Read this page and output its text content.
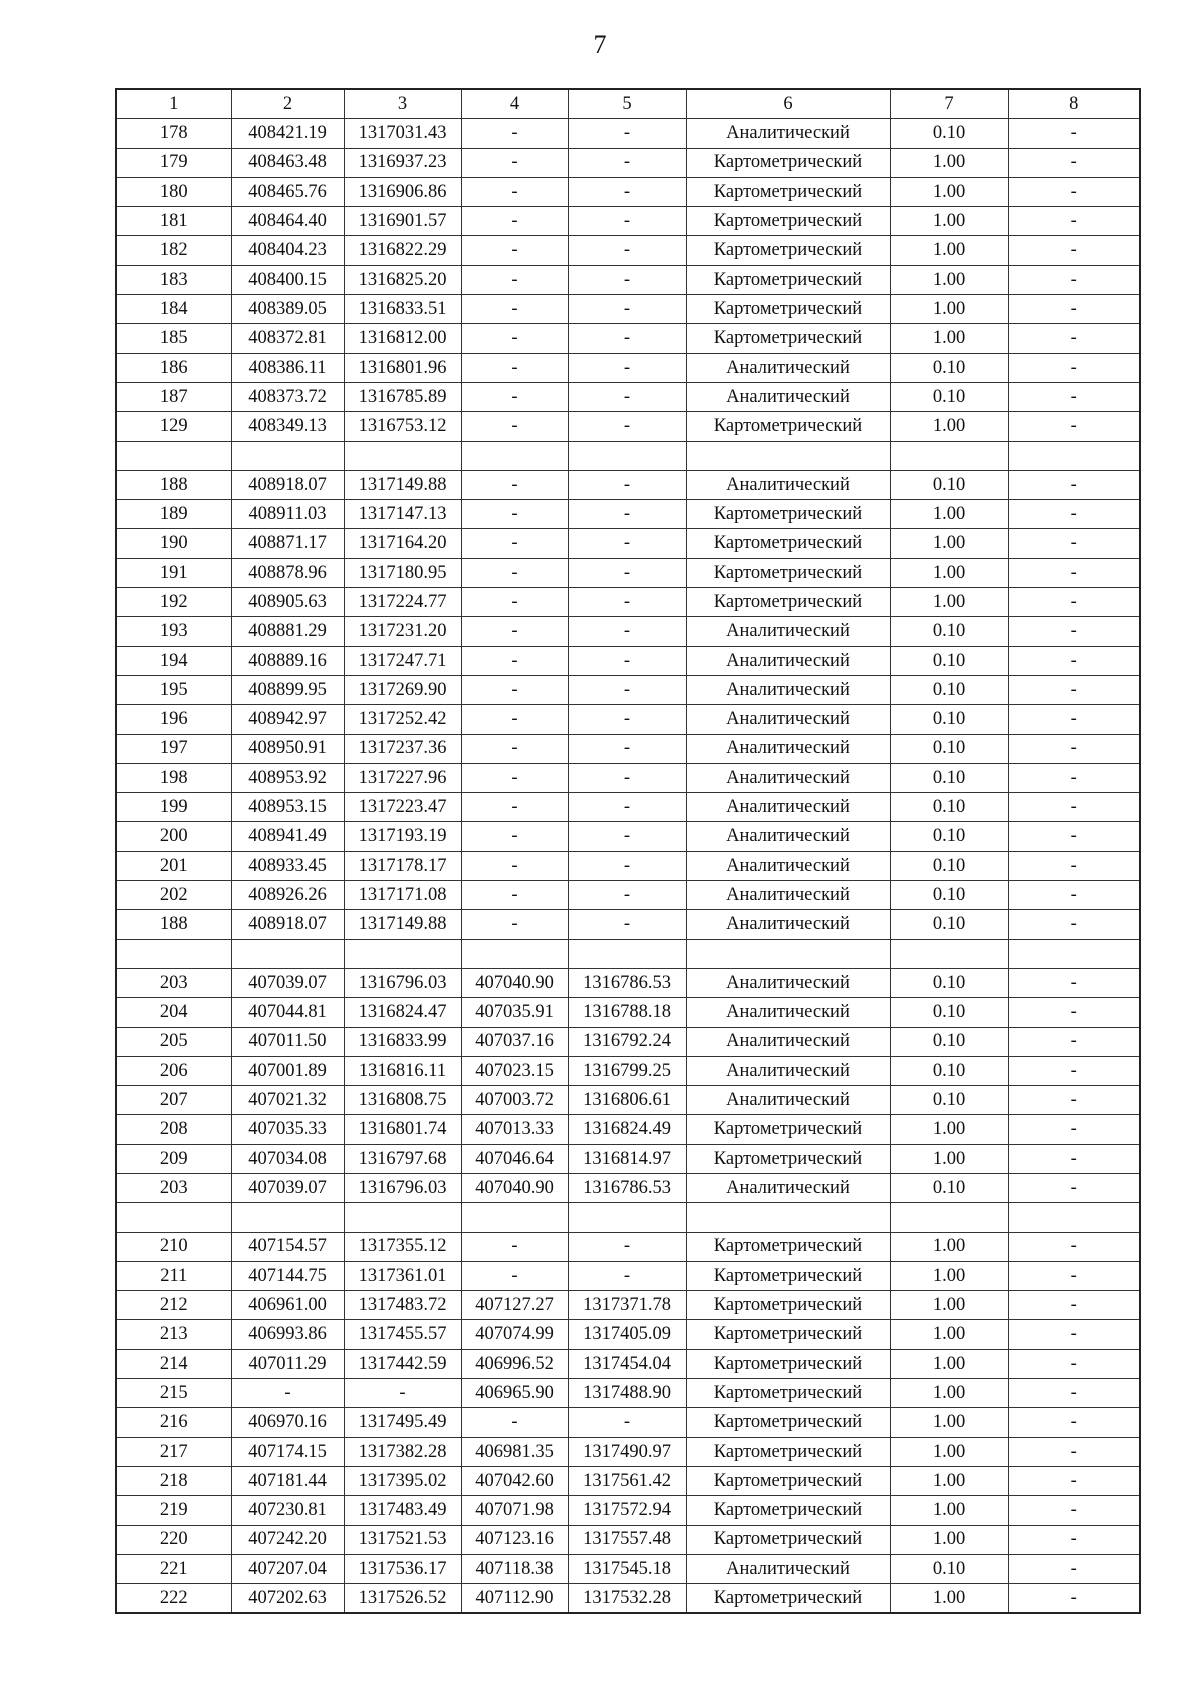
7
1	2	3	4	5	6	7	8
178	408421.19	1317031.43	-	-	Аналитический	0.10	-
179	408463.48	1316937.23	-	-	Картометрический	1.00	-
180	408465.76	1316906.86	-	-	Картометрический	1.00	-
181	408464.40	1316901.57	-	-	Картометрический	1.00	-
182	408404.23	1316822.29	-	-	Картометрический	1.00	-
183	408400.15	1316825.20	-	-	Картометрический	1.00	-
184	408389.05	1316833.51	-	-	Картометрический	1.00	-
185	408372.81	1316812.00	-	-	Картометрический	1.00	-
186	408386.11	1316801.96	-	-	Аналитический	0.10	-
187	408373.72	1316785.89	-	-	Аналитический	0.10	-
129	408349.13	1316753.12	-	-	Картометрический	1.00	-

188	408918.07	1317149.88	-	-	Аналитический	0.10	-
189	408911.03	1317147.13	-	-	Картометрический	1.00	-
190	408871.17	1317164.20	-	-	Картометрический	1.00	-
191	408878.96	1317180.95	-	-	Картометрический	1.00	-
192	408905.63	1317224.77	-	-	Картометрический	1.00	-
193	408881.29	1317231.20	-	-	Аналитический	0.10	-
194	408889.16	1317247.71	-	-	Аналитический	0.10	-
195	408899.95	1317269.90	-	-	Аналитический	0.10	-
196	408942.97	1317252.42	-	-	Аналитический	0.10	-
197	408950.91	1317237.36	-	-	Аналитический	0.10	-
198	408953.92	1317227.96	-	-	Аналитический	0.10	-
199	408953.15	1317223.47	-	-	Аналитический	0.10	-
200	408941.49	1317193.19	-	-	Аналитический	0.10	-
201	408933.45	1317178.17	-	-	Аналитический	0.10	-
202	408926.26	1317171.08	-	-	Аналитический	0.10	-
188	408918.07	1317149.88	-	-	Аналитический	0.10	-

203	407039.07	1316796.03	407040.90	1316786.53	Аналитический	0.10	-
204	407044.81	1316824.47	407035.91	1316788.18	Аналитический	0.10	-
205	407011.50	1316833.99	407037.16	1316792.24	Аналитический	0.10	-
206	407001.89	1316816.11	407023.15	1316799.25	Аналитический	0.10	-
207	407021.32	1316808.75	407003.72	1316806.61	Аналитический	0.10	-
208	407035.33	1316801.74	407013.33	1316824.49	Картометрический	1.00	-
209	407034.08	1316797.68	407046.64	1316814.97	Картометрический	1.00	-
203	407039.07	1316796.03	407040.90	1316786.53	Аналитический	0.10	-

210	407154.57	1317355.12	-	-	Картометрический	1.00	-
211	407144.75	1317361.01	-	-	Картометрический	1.00	-
212	406961.00	1317483.72	407127.27	1317371.78	Картометрический	1.00	-
213	406993.86	1317455.57	407074.99	1317405.09	Картометрический	1.00	-
214	407011.29	1317442.59	406996.52	1317454.04	Картометрический	1.00	-
215	-	-	406965.90	1317488.90	Картометрический	1.00	-
216	406970.16	1317495.49	-	-	Картометрический	1.00	-
217	407174.15	1317382.28	406981.35	1317490.97	Картометрический	1.00	-
218	407181.44	1317395.02	407042.60	1317561.42	Картометрический	1.00	-
219	407230.81	1317483.49	407071.98	1317572.94	Картометрический	1.00	-
220	407242.20	1317521.53	407123.16	1317557.48	Картометрический	1.00	-
221	407207.04	1317536.17	407118.38	1317545.18	Аналитический	0.10	-
222	407202.63	1317526.52	407112.90	1317532.28	Картометрический	1.00	-
